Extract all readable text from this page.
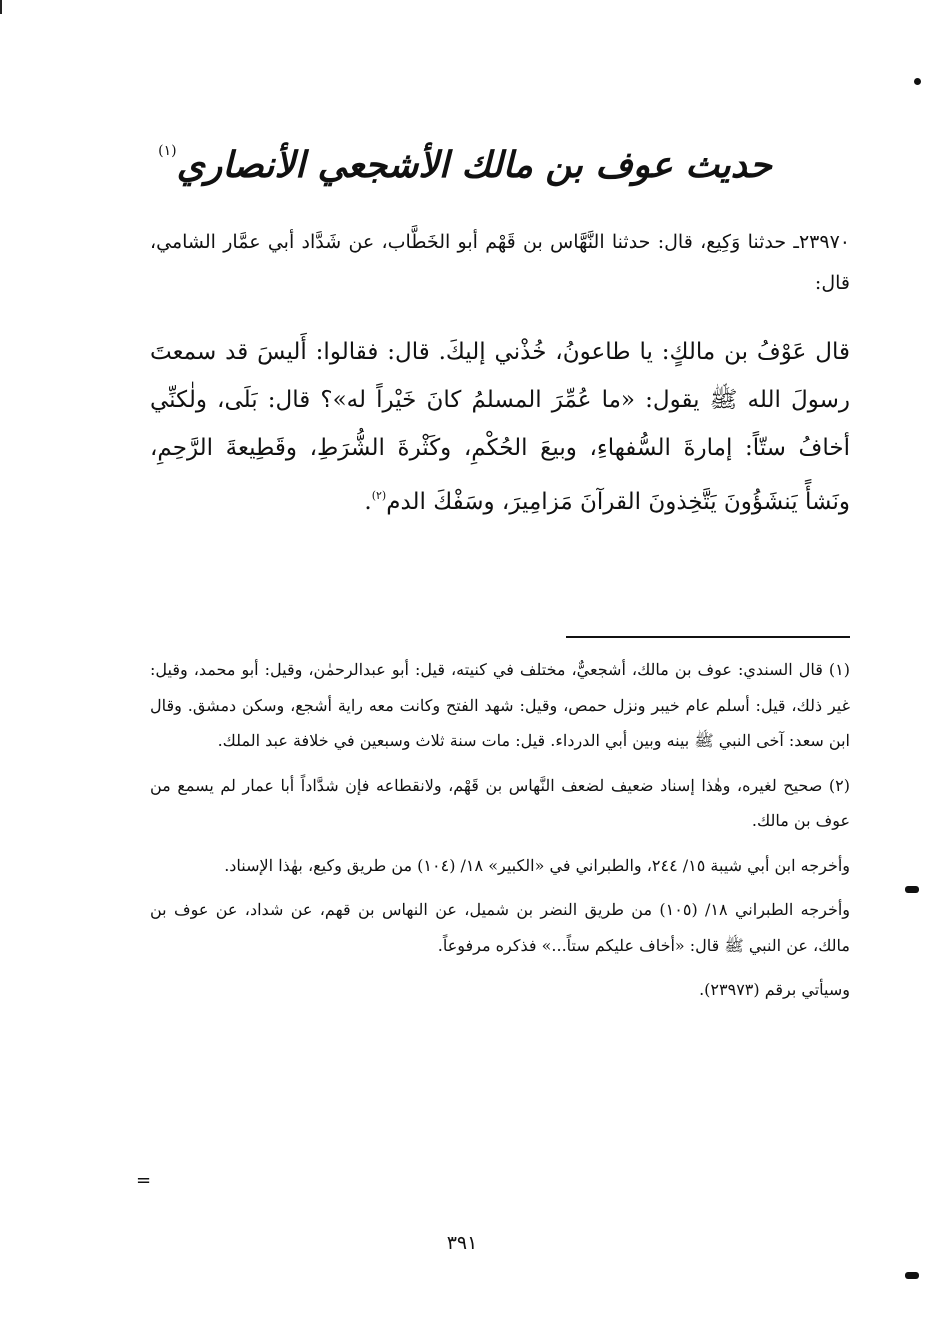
حديث عوف بن مالك الأشجعي الأنصاري$^{(١)}$
٢٣٩٧٠ـ حدثنا وَكِيع، قال: حدثنا النَّهَّاس بن قَهْم أبو الخَطَّاب، عن شَدَّاد أبي عمَّار الشامي، قال:
قال عَوْفُ بن مالكٍ: يا طاعونُ، خُذْني إليكَ. قال: فقالوا: أَليسَ قد سمعتَ رسولَ الله ﷺ يقول: «ما عُمِّرَ المسلمُ كانَ خَيْراً له»؟ قال: بَلَى، ولٰكنِّي أخافُ ستّاً: إمارةَ السُّفهاءِ، وبيعَ الحُكْمِ، وكَثْرةَ الشُّرَطِ، وقَطِيعةَ الرَّحِمِ، ونَشأً يَنشَؤُونَ يَتَّخِذونَ القرآنَ مَزامِيرَ، وسَفْكَ الدم$^{(٢)}$.

(١) قال السندي: عوف بن مالك، أشجعيٌّ، مختلف في كنيته، قيل: أبو عبدالرحمٰن، وقيل: أبو محمد، وقيل: غير ذلك، قيل: أسلم عام خيبر ونزل حمص، وقيل: شهد الفتح وكانت معه راية أشجع، وسكن دمشق. وقال ابن سعد: آخى النبي ﷺ بينه وبين أبي الدرداء. قيل: مات سنة ثلاث وسبعين في خلافة عبد الملك.

(٢) صحيح لغيره، وهٰذا إسناد ضعيف لضعف النَّهاس بن قَهْم، ولانقطاعه فإن شدَّاداً أبا عمار لم يسمع من عوف بن مالك.

وأخرجه ابن أبي شيبة ١٥/ ٢٤٤، والطبراني في «الكبير» ١٨/ (١٠٤) من طريق وكيع، بهٰذا الإسناد.

وأخرجه الطبراني ١٨/ (١٠٥) من طريق النضر بن شميل، عن النهاس بن قهم، عن شداد، عن عوف بن مالك، عن النبي ﷺ قال: «أخاف عليكم ستاً...» فذكره مرفوعاً.

وسيأتي برقم (٢٣٩٧٣).

=
٣٩١
